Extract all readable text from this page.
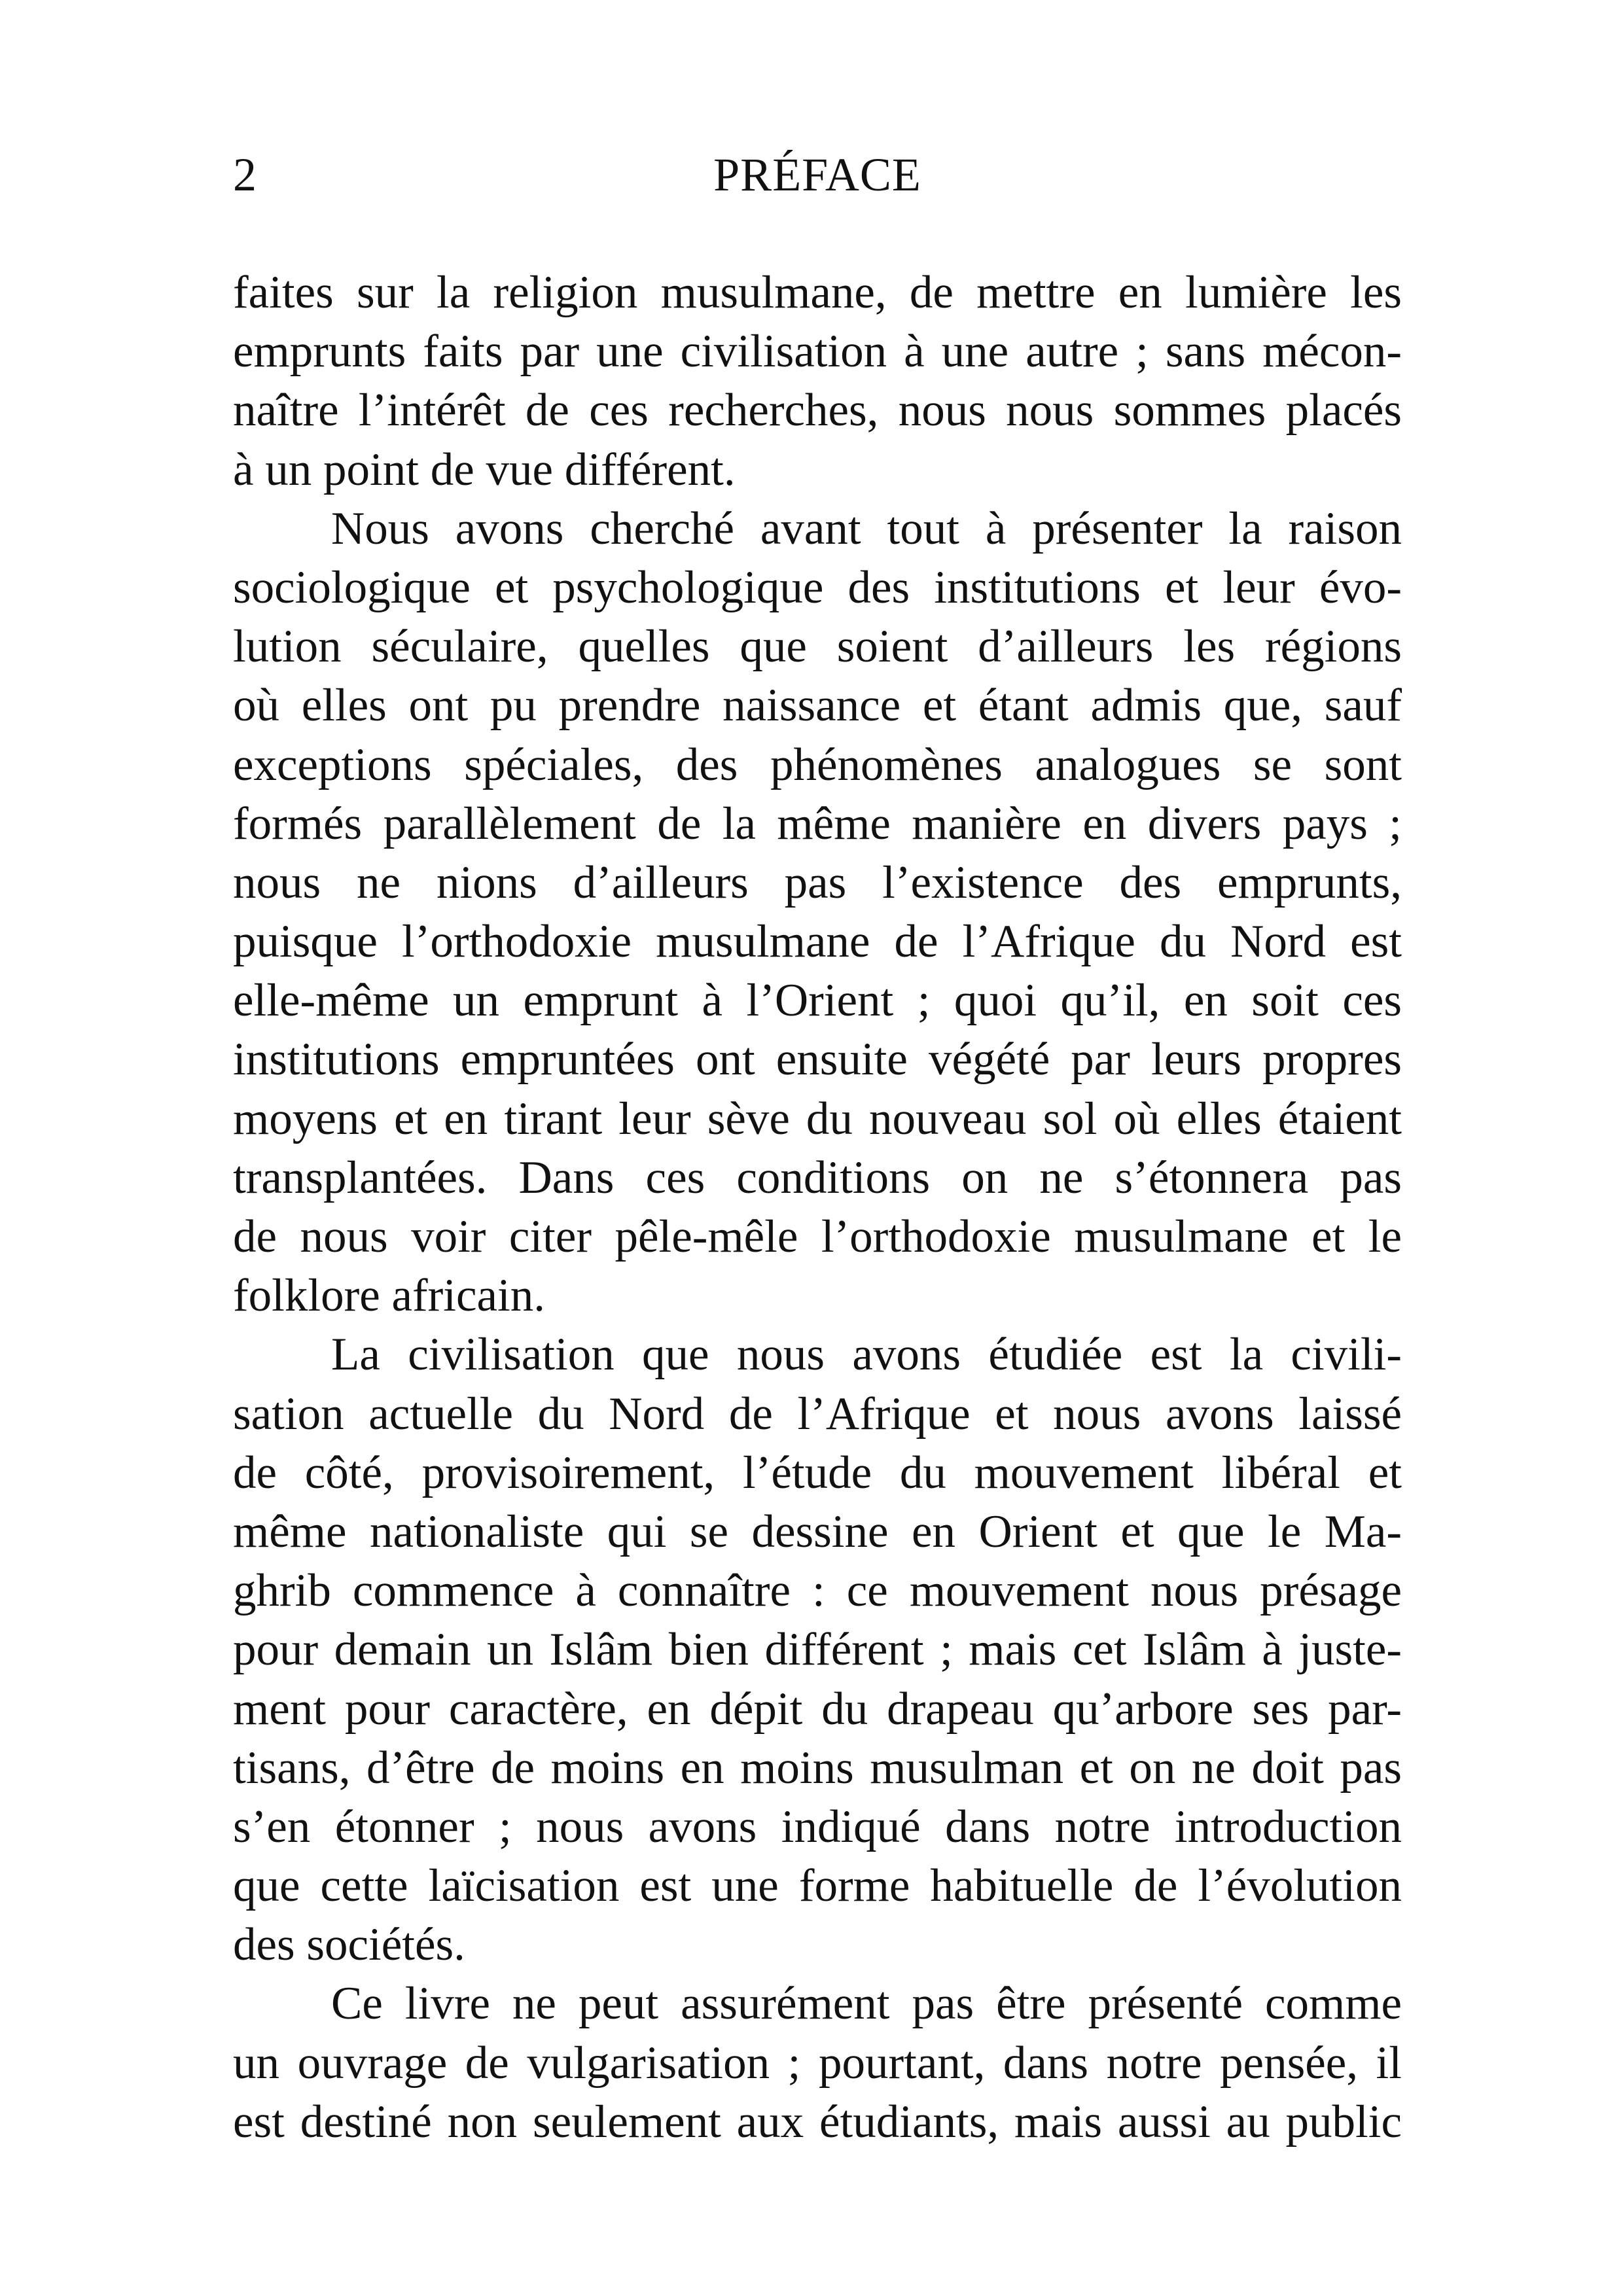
2	PRÉFACE
faites sur la religion musulmane, de mettre en lumière les
emprunts faits par une civilisation à une autre ; sans mécon-
naître l’intérêt de ces recherches, nous nous sommes placés
à un point de vue différent.
Nous avons cherché avant tout à présenter la raison
sociologique et psychologique des institutions et leur évo-
lution séculaire, quelles que soient d’ailleurs les régions
où elles ont pu prendre naissance et étant admis que, sauf
exceptions spéciales, des phénomènes analogues se sont
formés parallèlement de la même manière en divers pays ;
nous ne nions d’ailleurs pas l’existence des emprunts,
puisque l’orthodoxie musulmane de l’Afrique du Nord est
elle-même un emprunt à l’Orient ; quoi qu’il, en soit ces
institutions empruntées ont ensuite végété par leurs propres
moyens et en tirant leur sève du nouveau sol où elles étaient
transplantées. Dans ces conditions on ne s’étonnera pas
de nous voir citer pêle-mêle l’orthodoxie musulmane et le
folklore africain.
La civilisation que nous avons étudiée est la civili-
sation actuelle du Nord de l’Afrique et nous avons laissé
de côté, provisoirement, l’étude du mouvement libéral et
même nationaliste qui se dessine en Orient et que le Ma-
ghrib commence à connaître : ce mouvement nous présage
pour demain un Islâm bien différent ; mais cet Islâm à juste-
ment pour caractère, en dépit du drapeau qu’arbore ses par-
tisans, d’être de moins en moins musulman et on ne doit pas
s’en étonner ; nous avons indiqué dans notre introduction
que cette laïcisation est une forme habituelle de l’évolution
des sociétés.
Ce livre ne peut assurément pas être présenté comme
un ouvrage de vulgarisation ; pourtant, dans notre pensée, il
est destiné non seulement aux étudiants, mais aussi au public
